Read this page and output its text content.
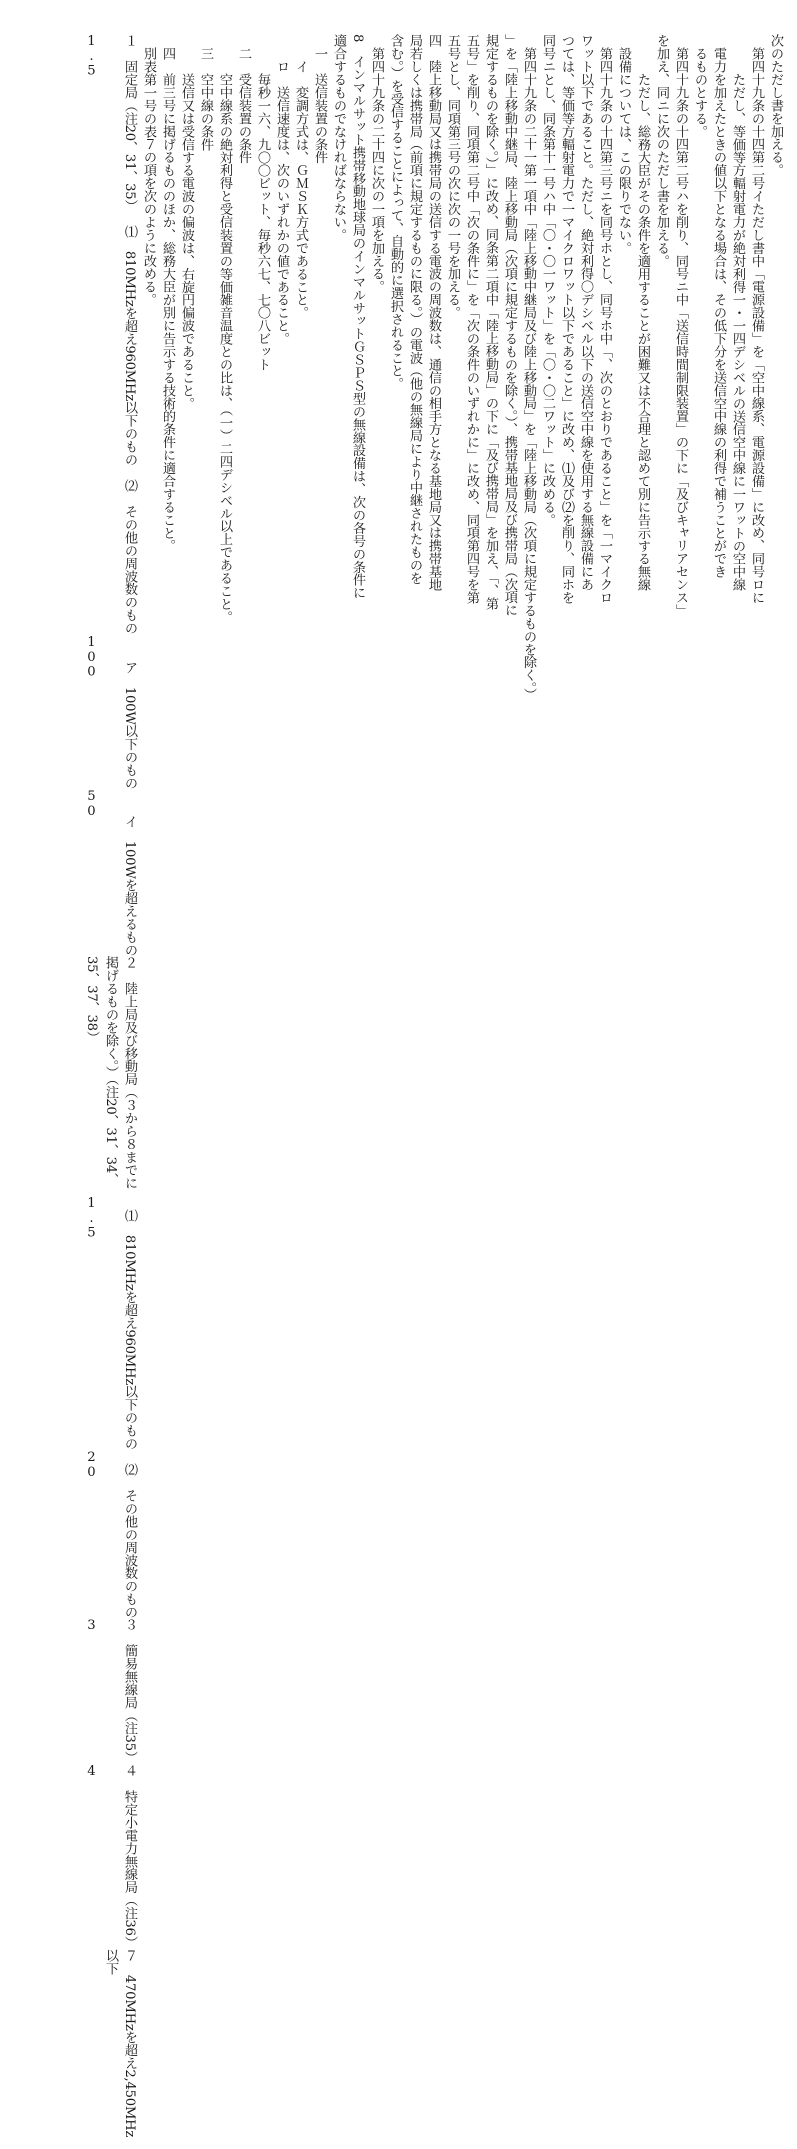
次のただし書を加える。

　第四十九条の十四第二号イただし書中「電源設備」を「空中線系、電源設備」に改め、同号ロに

　ただし、等価等方輻射電力が絶対利得一・一四デシベルの送信空中線に一ワットの空中線

電力を加えたときの値以下となる場合は、その低下分を送信空中線の利得で補うことができ

るものとする。

　第四十九条の十四第二号ハを削り、同号ニ中「送信時間制限装置」の下に「及びキャリアセンス」

を加え、同ニに次のただし書を加える。

　ただし、総務大臣がその条件を適用することが困難又は不合理と認めて別に告示する無線

設備については、この限りでない。

　第四十九条の十四第三号ニを同号ホとし、同号ホ中「、次のとおりであること」を「一マイクロ

ワット以下であること。ただし、絶対利得〇デシベル以下の送信空中線を使用する無線設備にあ

つては、等価等方輻射電力で一マイクロワット以下であること」に改め、⑴及び⑵を削り、同ホを

同号ニとし、同条第十一号ハ中「〇・〇一ワット」を「〇・〇二ワット」に改める。

　第四十九条の二十一第一項中「陸上移動中継局及び陸上移動局」を「陸上移動局（次項に規定するものを除く。）

」を「陸上移動中継局、陸上移動局（次項に規定するものを除く。）、携帯基地局及び携帯局（次項に

規定するものを除く。）」に改め、同条第二項中「陸上移動局」の下に「及び携帯局」を加え、「、第

五号」を削り、同項第二号中「次の条件に」を「次の条件のいずれかに」に改め、同項第四号を第

五号とし、同項第三号の次に次の一号を加える。

四　陸上移動局又は携帯局の送信する電波の周波数は、通信の相手方となる基地局又は携帯基地

局若しくは携帯局（前項に規定するものに限る。）の電波（他の無線局により中継されたものを

含む。）を受信することによって、自動的に選択されること。

　第四十九条の二十四に次の一項を加える。

8　インマルサット携帯移動地球局のインマルサットＧＳＰＳ型の無線設備は、次の各号の条件に

適合するものでなければならない。

一　送信装置の条件

イ　変調方式は、ＧＭＳＫ方式であること。

ロ　送信速度は、次のいずれかの値であること。

毎秒一六、九〇〇ビット、毎秒六七、七〇八ビット

二　受信装置の条件

　空中線系の絶対利得と受信装置の等価雑音温度との比は、（一）二四デシベル以上であること。

三　空中線の条件

　送信又は受信する電波の偏波は、右旋円偏波であること。

四　前三号に掲げるもののほか、総務大臣が別に告示する技術的条件に適合すること。

　別表第一号の表７の項を次のように改める。

１　固定局（注20、31、35）
1.5
⑴　810MHzを超え960MHz以下のもの
⑵　その他の周波数のもの
ア　100W以下のもの
100
イ　100Wを超えるもの
50
２　陸上局及び移動局（３から８までに掲げるものを除く。）（注20、31、34、35、37、38）
⑴　810MHzを超え960MHz以下のもの
1.5
⑵　その他の周波数のもの
20
３　簡易無線局（注35）
3
４　特定小電力無線局（注36）
4
７　470MHzを超え2,450MHz以下
